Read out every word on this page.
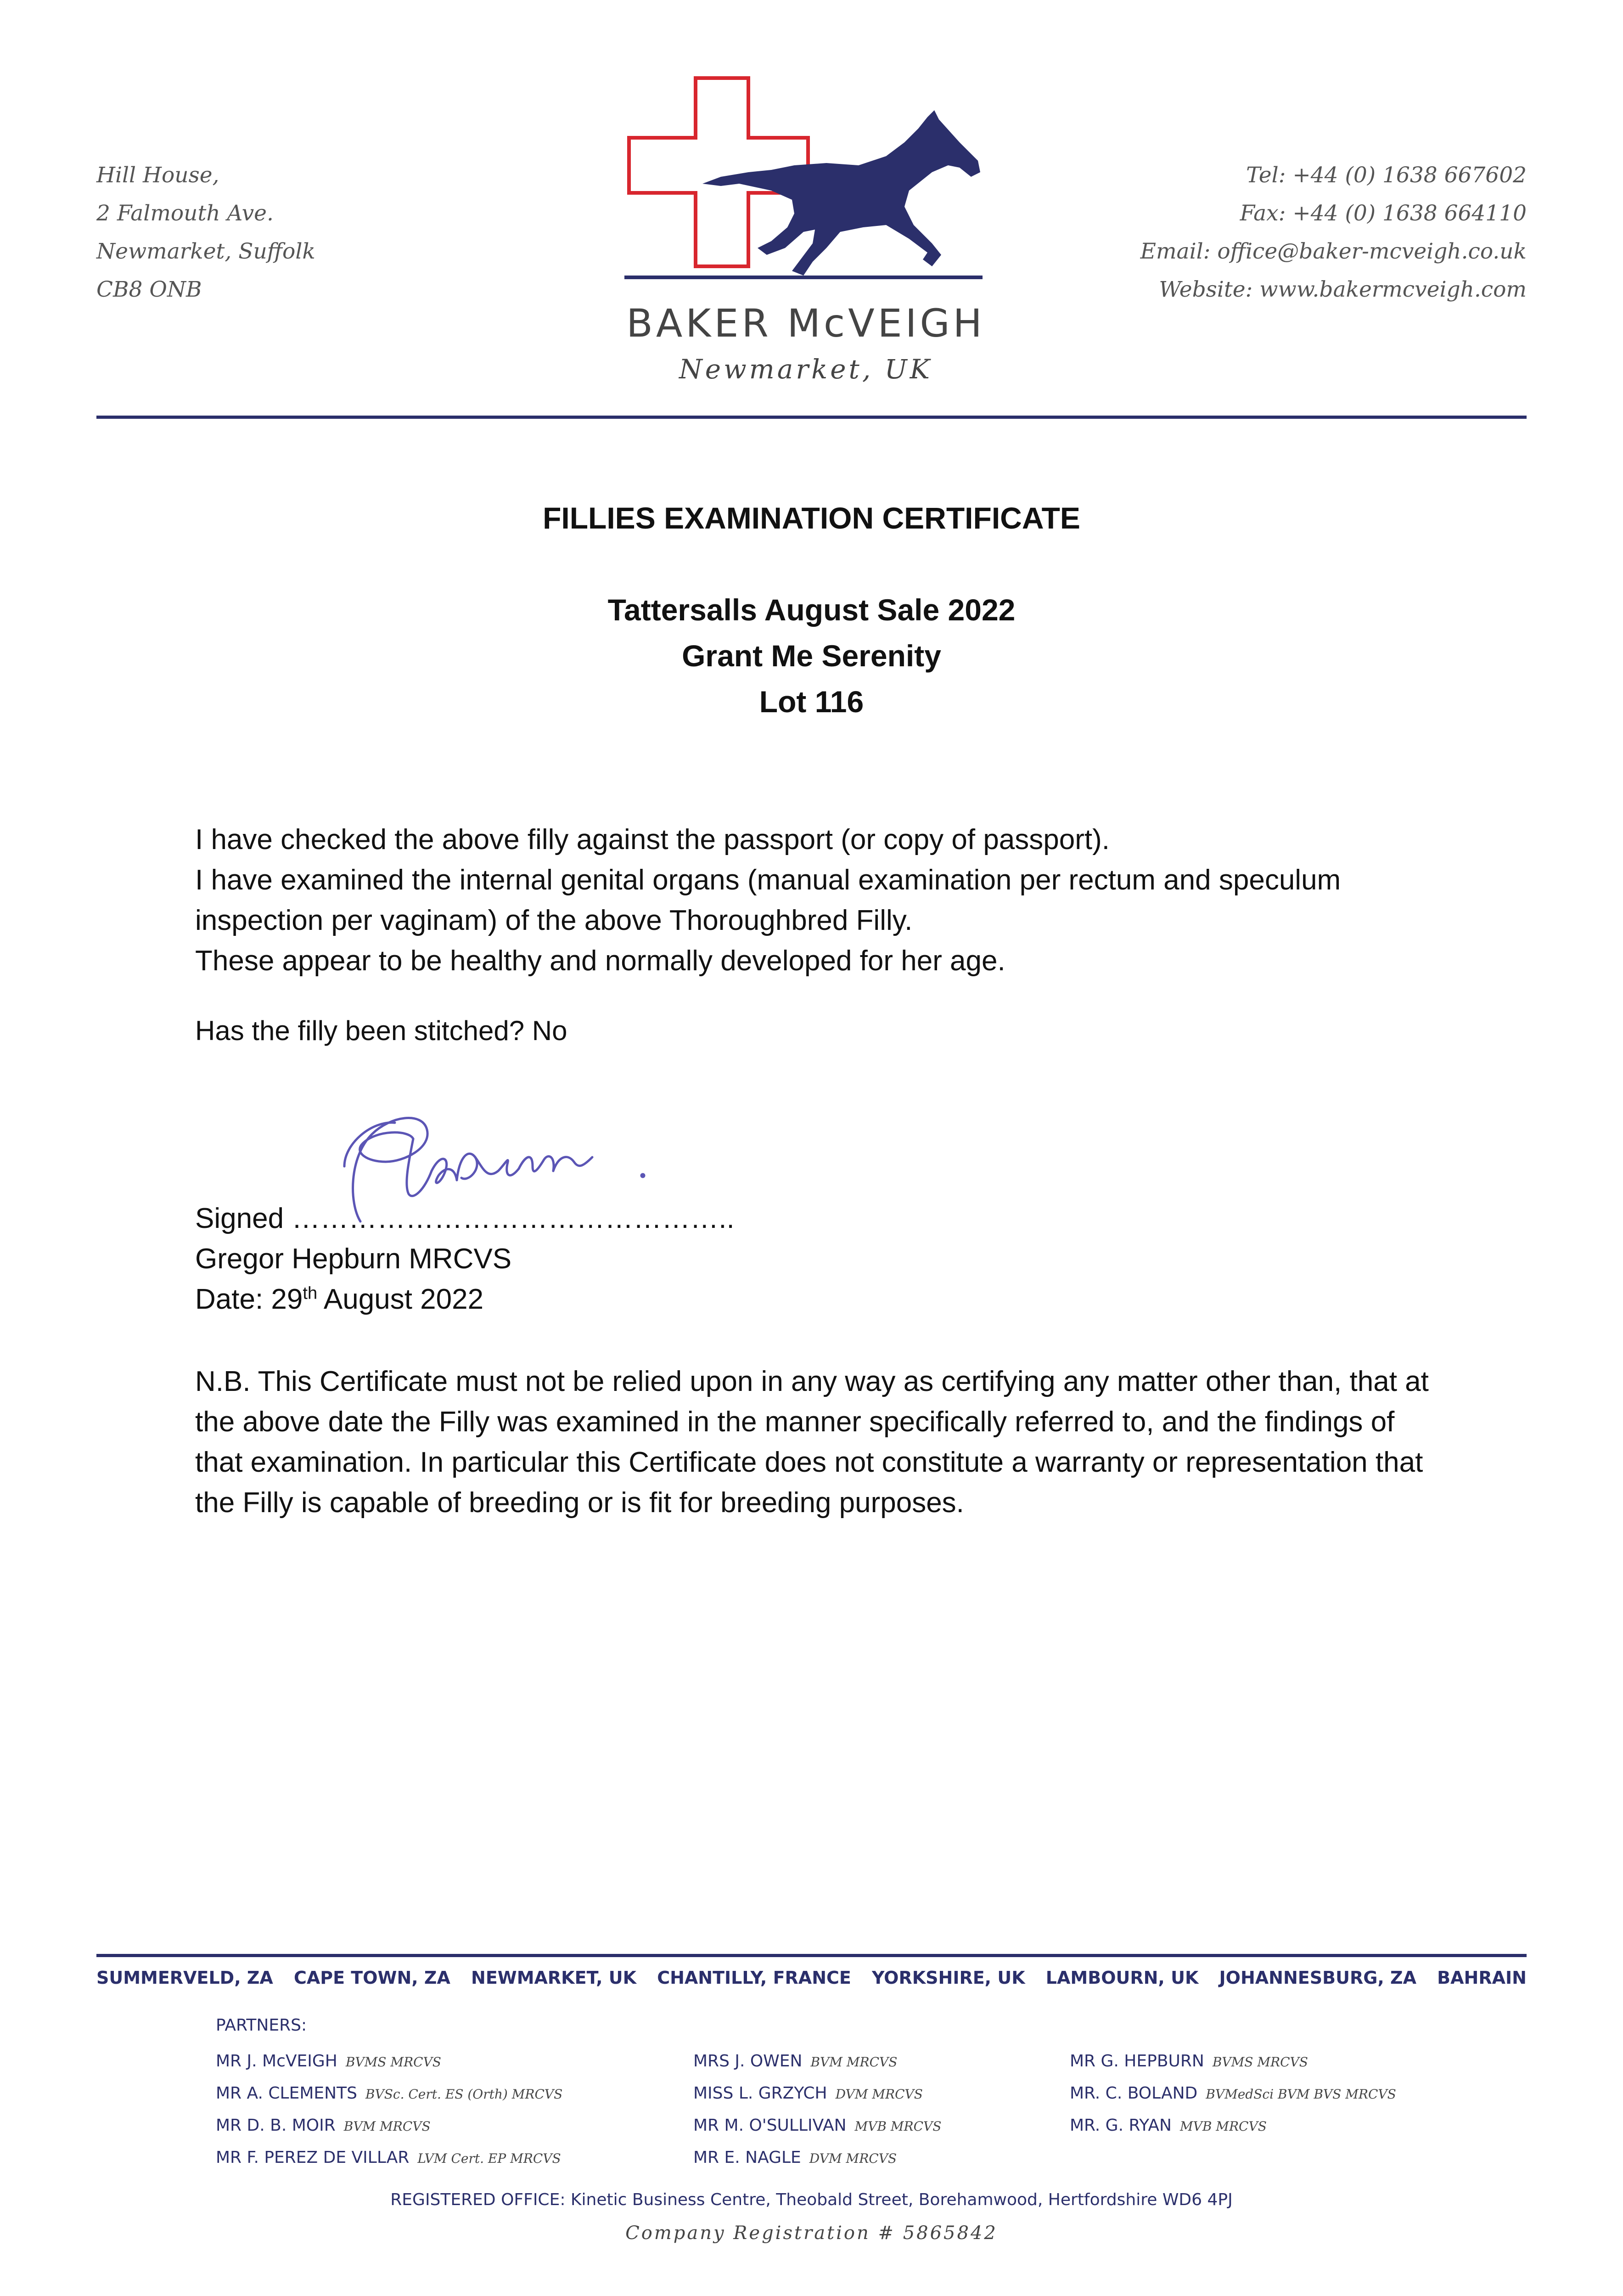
Hill House,
2 Falmouth Ave.
Newmarket, Suffolk
CB8 ONB
Tel: +44 (0) 1638 667602
Fax: +44 (0) 1638 664110
Email: office@baker-mcveigh.co.uk
Website: www.bakermcveigh.com
BAKER McVEIGH
Newmarket, UK
FILLIES EXAMINATION CERTIFICATE
Tattersalls August Sale 2022
Grant Me Serenity
Lot 116

I have checked the above filly against the passport (or copy of passport).

I have examined the internal genital organs (manual examination per rectum and speculum inspection per vaginam) of the above Thoroughbred Filly.

These appear to be healthy and normally developed for her age.

Has the filly been stitched? No
Signed ………………………………………..
Gregor Hepburn MRCVS
Date: 29th August 2022

N.B. This Certificate must not be relied upon in any way as certifying any matter other than, that at the above date the Filly was examined in the manner specifically referred to, and the findings of that examination. In particular this Certificate does not constitute a warranty or representation that the Filly is capable of breeding or is fit for breeding purposes.

SUMMERVELD, ZA CAPE TOWN, ZA NEWMARKET, UK CHANTILLY, FRANCE YORKSHIRE, UK LAMBOURN, UK JOHANNESBURG, ZA BAHRAIN
PARTNERS:
MR J. McVEIGH BVMS MRCVS
MR A. CLEMENTS BVSc. Cert. ES (Orth) MRCVS
MR D. B. MOIR BVM MRCVS
MR F. PEREZ DE VILLAR LVM Cert. EP MRCVS
MRS J. OWEN BVM MRCVS
MISS L. GRZYCH DVM MRCVS
MR M. O'SULLIVAN MVB MRCVS
MR E. NAGLE DVM MRCVS
MR G. HEPBURN BVMS MRCVS
MR. C. BOLAND BVMedSci BVM BVS MRCVS
MR. G. RYAN MVB MRCVS
REGISTERED OFFICE: Kinetic Business Centre, Theobald Street, Borehamwood, Hertfordshire WD6 4PJ
Company Registration # 5865842
